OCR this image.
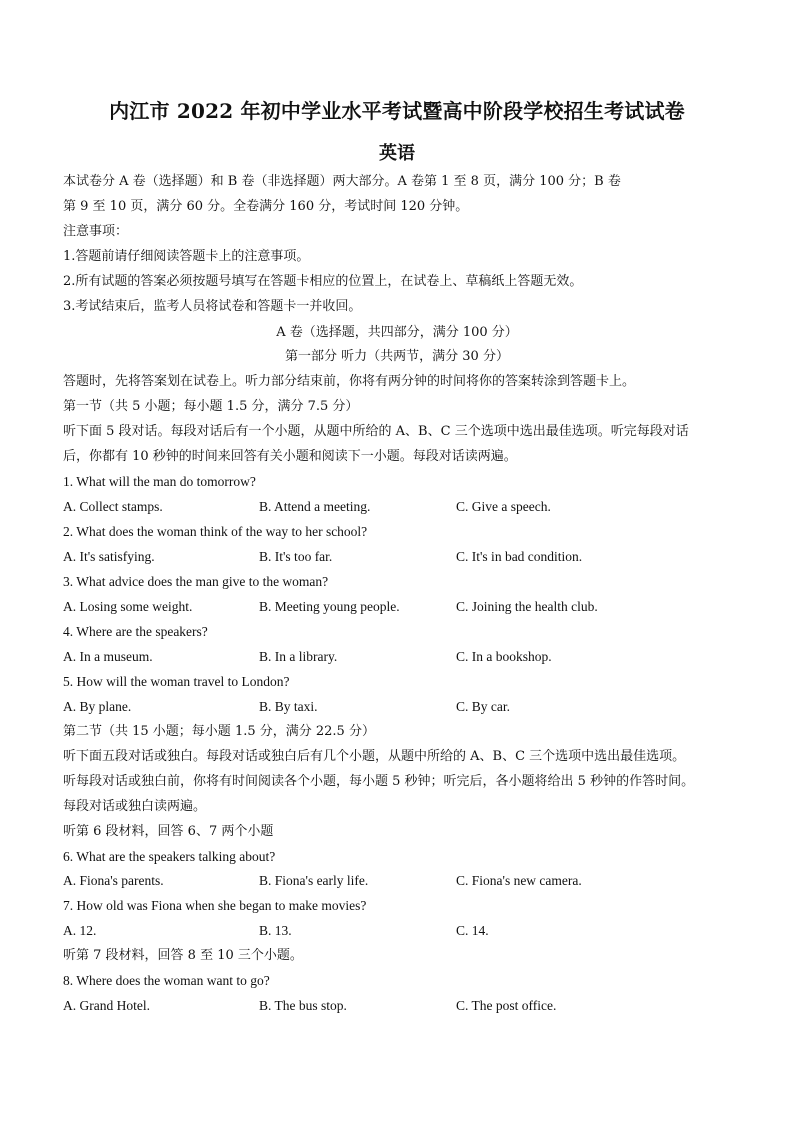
内江市 2022 年初中学业水平考试暨高中阶段学校招生考试试卷
英语
本试卷分 A 卷（选择题）和 B 卷（非选择题）两大部分。A 卷第 1 至 8 页，满分 100 分；B 卷
第 9 至 10 页，满分 60 分。全卷满分 160 分，考试时间 120 分钟。
注意事项：
1.答题前请仔细阅读答题卡上的注意事项。
2.所有试题的答案必须按题号填写在答题卡相应的位置上，在试卷上、草稿纸上答题无效。
3.考试结束后，监考人员将试卷和答题卡一并收回。
A 卷（选择题，共四部分，满分 100 分）
第一部分 听力（共两节，满分 30 分）
答题时，先将答案划在试卷上。听力部分结束前，你将有两分钟的时间将你的答案转涂到答题卡上。
第一节（共 5 小题；每小题 1.5 分，满分 7.5 分）
听下面 5 段对话。每段对话后有一个小题，从题中所给的 A、B、C 三个选项中选出最佳选项。听完每段对话
后，你都有 10 秒钟的时间来回答有关小题和阅读下一小题。每段对话读两遍。
1. What will the man do tomorrow?
A. Collect stamps.	B. Attend a meeting.	C. Give a speech.
2. What does the woman think of the way to her school?
A. It's satisfying.	B. It's too far.	C. It's in bad condition.
3. What advice does the man give to the woman?
A. Losing some weight.	B. Meeting young people.	C. Joining the health club.
4. Where are the speakers?
A. In a museum.	B. In a library.	C. In a bookshop.
5. How will the woman travel to London?
A. By plane.	B. By taxi.	C. By car.
第二节（共 15 小题；每小题 1.5 分，满分 22.5 分）
听下面五段对话或独白。每段对话或独白后有几个小题，从题中所给的 A、B、C 三个选项中选出最佳选项。
听每段对话或独白前，你将有时间阅读各个小题，每小题 5 秒钟；听完后，各小题将给出 5 秒钟的作答时间。
每段对话或独白读两遍。
听第 6 段材料，回答 6、7 两个小题
6. What are the speakers talking about?
A. Fiona's parents.	B. Fiona's early life.	C. Fiona's new camera.
7. How old was Fiona when she began to make movies?
A. 12.	B. 13.	C. 14.
听第 7 段材料，回答 8 至 10 三个小题。
8. Where does the woman want to go?
A. Grand Hotel.	B. The bus stop.	C. The post office.
